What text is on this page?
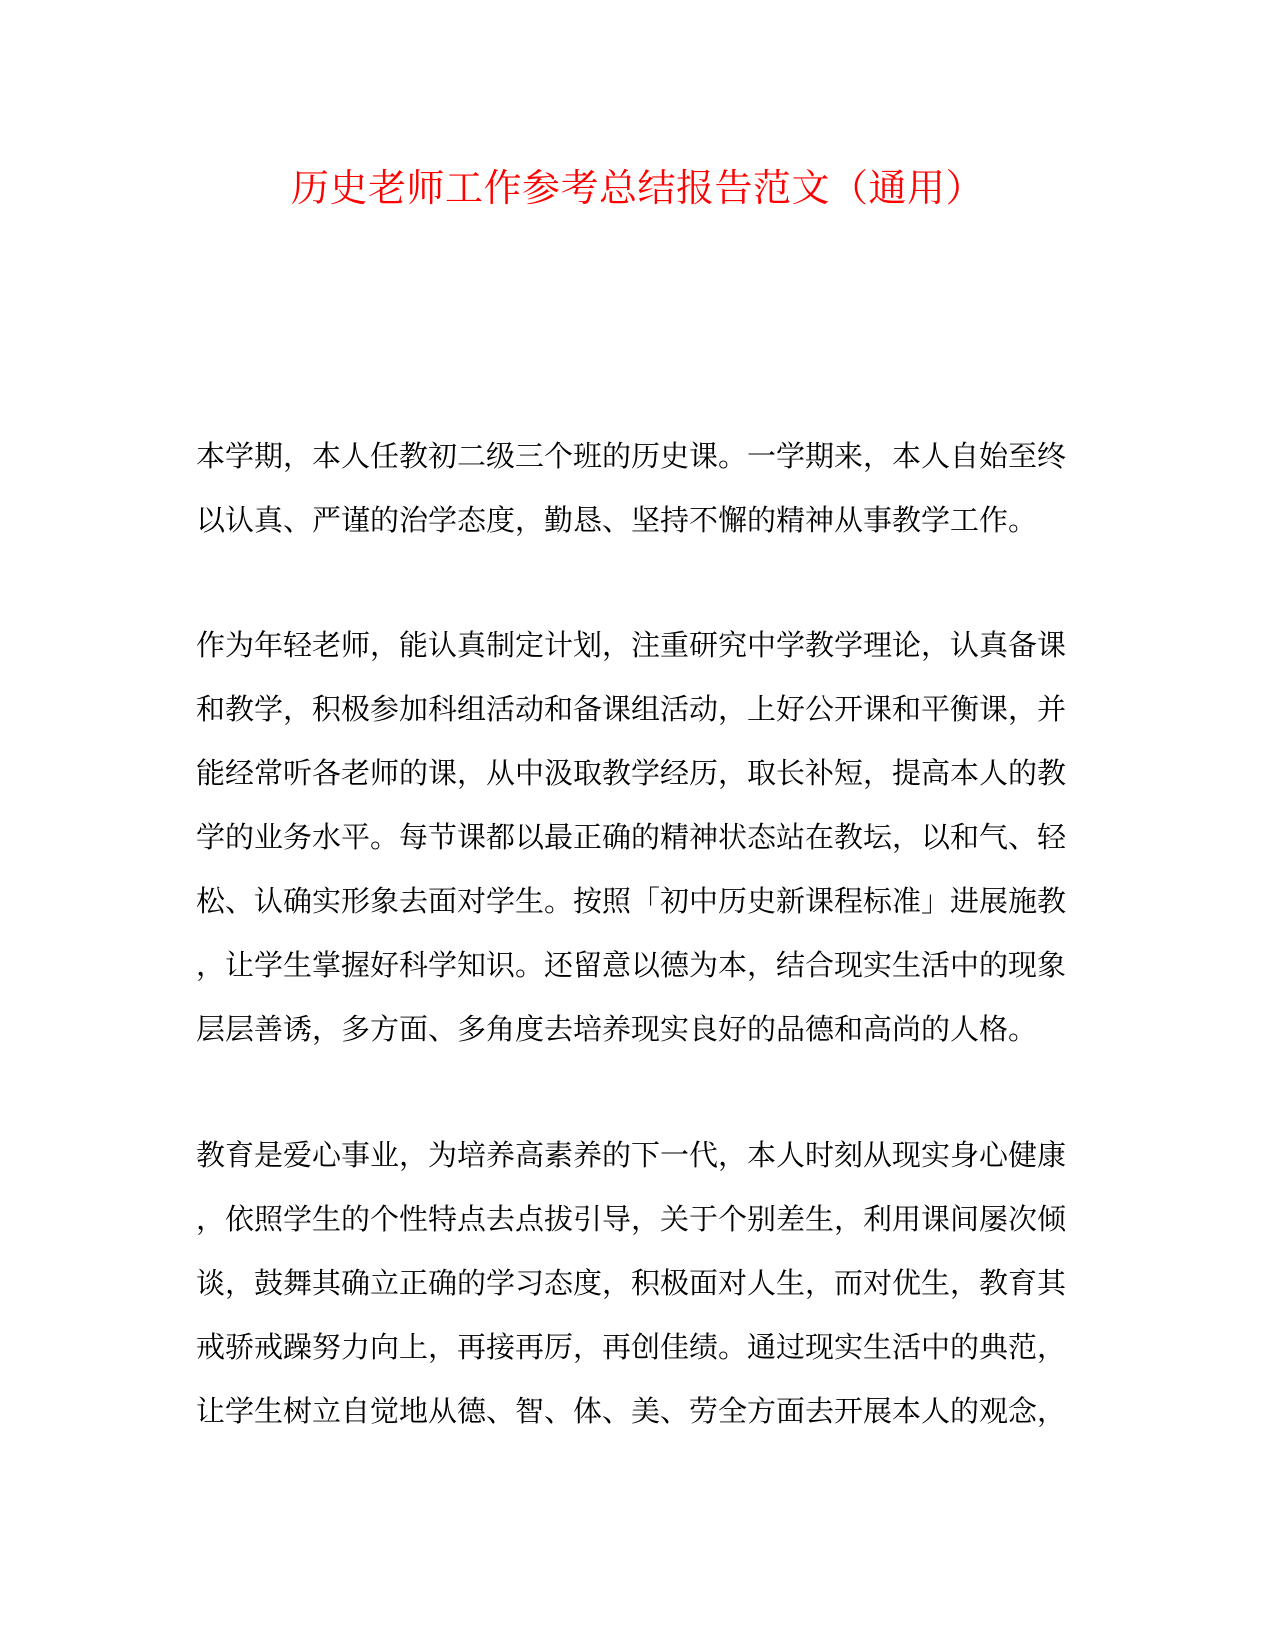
历史老师工作参考总结报告范文（通用）
本学期，本人任教初二级三个班的历史课。一学期来，本人自始至终
以认真、严谨的治学态度，勤恳、坚持不懈的精神从事教学工作。
作为年轻老师，能认真制定计划，注重研究中学教学理论，认真备课
和教学，积极参加科组活动和备课组活动，上好公开课和平衡课，并
能经常听各老师的课，从中汲取教学经历，取长补短，提高本人的教
学的业务水平。每节课都以最正确的精神状态站在教坛，以和气、轻
松、认确实形象去面对学生。按照「初中历史新课程标准」进展施教
，让学生掌握好科学知识。还留意以德为本，结合现实生活中的现象
层层善诱，多方面、多角度去培养现实良好的品德和高尚的人格。
教育是爱心事业，为培养高素养的下一代，本人时刻从现实身心健康
，依照学生的个性特点去点拔引导，关于个别差生，利用课间屡次倾
谈，鼓舞其确立正确的学习态度，积极面对人生，而对优生，教育其
戒骄戒躁努力向上，再接再厉，再创佳绩。通过现实生活中的典范，
让学生树立自觉地从德、智、体、美、劳全方面去开展本人的观念，
